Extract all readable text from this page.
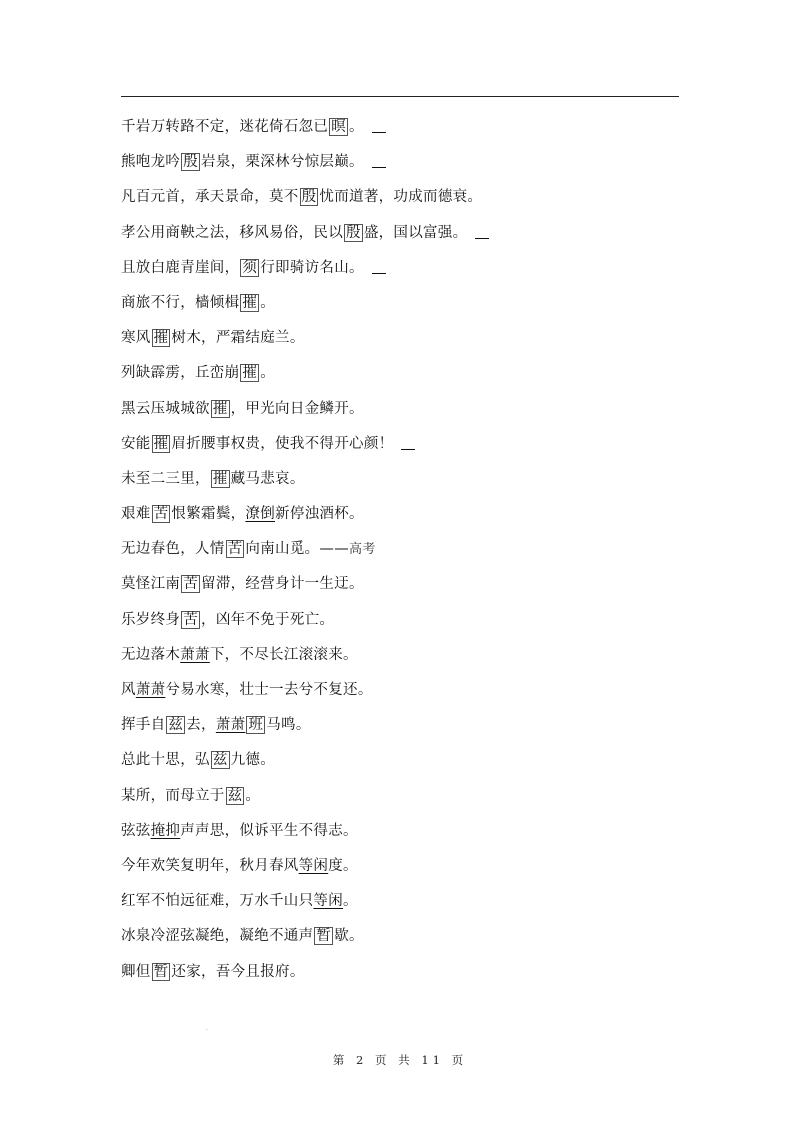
千岩万转路不定，迷花倚石忽已 暝 。
熊咆龙吟 殷 岩泉，栗深林兮惊层巅。
凡百元首，承天景命，莫不 殷 忧而道著，功成而德衰。
孝公用商鞅之法，移风易俗，民以 殷 盛，国以富强。
且放白鹿青崖间， 须 行即骑访名山。
商旅不行，樯倾楫 摧 。
寒风 摧 树木，严霜结庭兰。
列缺霹雳，丘峦崩 摧 。
黑云压城城欲 摧 ，甲光向日金鳞开。
安能 摧 眉折腰事权贵，使我不得开心颜！
未至二三里， 摧 藏马悲哀。
艰难 苦 恨繁霜鬓，潦倒新停浊酒杯。
无边春色，人情 苦 向南山觅。——高考
莫怪江南 苦 留滞，经营身计一生迂。
乐岁终身 苦 ，凶年不免于死亡。
无边落木萧萧下，不尽长江滚滚来。
风萧萧兮易水寒，壮士一去兮不复还。
挥手自 兹 去，萧萧 班 马鸣。
总此十思，弘 兹 九德。
某所，而母立于 兹 。
弦弦掩抑声声思，似诉平生不得志。
今年欢笑复明年，秋月春风等闲度。
红军不怕远征难，万水千山只等闲。
冰泉冷涩弦凝绝，凝绝不通声 暂 歇。
卿但 暂 还家，吾今且报府。
·
第 2 页 共 11 页
